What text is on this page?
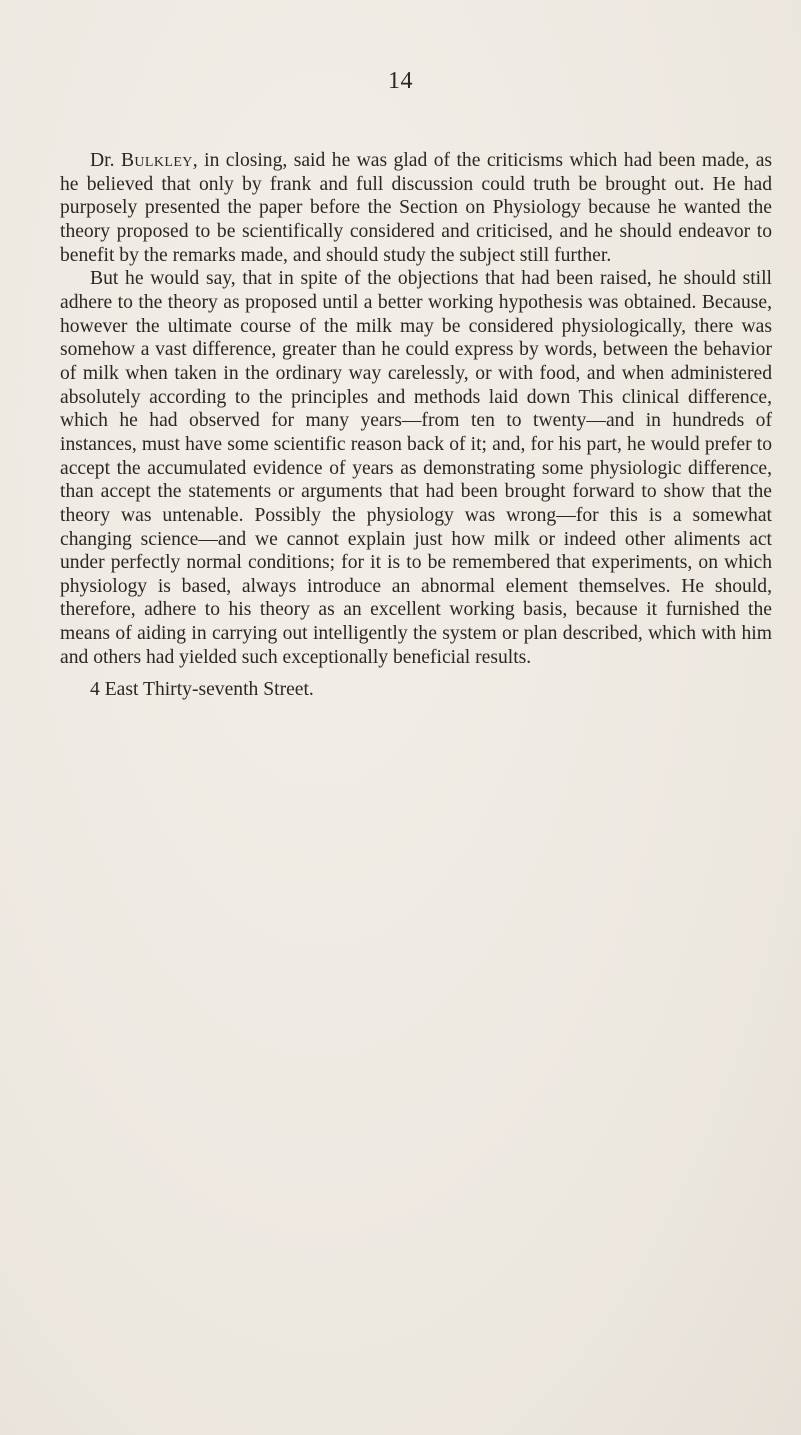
14

Dr. Bulkley, in closing, said he was glad of the criticisms which had been made, as he believed that only by frank and full discussion could truth be brought out. He had purposely presented the paper before the Section on Physiology because he wanted the theory proposed to be scientifically considered and criticised, and he should endeavor to benefit by the remarks made, and should study the subject still further.

But he would say, that in spite of the objections that had been raised, he should still adhere to the theory as proposed until a better working hypothesis was obtained. Because, however the ultimate course of the milk may be considered physiologically, there was somehow a vast difference, greater than he could express by words, between the behavior of milk when taken in the ordinary way carelessly, or with food, and when administered absolutely according to the principles and methods laid down This clinical difference, which he had observed for many years—from ten to twenty—and in hundreds of instances, must have some scientific reason back of it; and, for his part, he would prefer to accept the accumulated evidence of years as demonstrating some physiologic difference, than accept the statements or arguments that had been brought forward to show that the theory was untenable. Possibly the physiology was wrong—for this is a somewhat changing science—and we cannot explain just how milk or indeed other aliments act under perfectly normal conditions; for it is to be remembered that experiments, on which physiology is based, always introduce an abnormal element themselves. He should, therefore, adhere to his theory as an excellent working basis, because it furnished the means of aiding in carrying out intelligently the system or plan described, which with him and others had yielded such exceptionally beneficial results.

4 East Thirty-seventh Street.
